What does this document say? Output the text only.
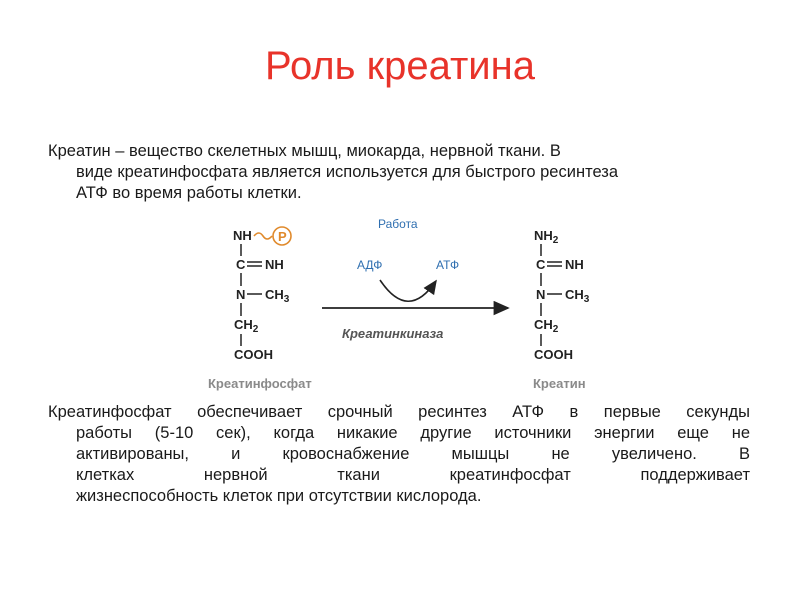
Роль креатина
Креатин – вещество скелетных мышц, миокарда, нервной ткани. В
виде креатинфосфата является используется для быстрого ресинтеза
АТФ во время работы клетки.
NH P
C NH
N $CH_3$
$CH_2$
COOH
Креатинфосфат
Работа
АДФ	АТФ
Креатинкиназа
$NH_2$
C NH
N $CH_3$
$CH_2$
COOH
Креатин
Креатинфосфат обеспечивает срочный ресинтез АТФ в первые секунды
работы (5-10 сек), когда никакие другие источники энергии еще не
активированы, и кровоснабжение мышцы не увеличено. В
клетках нервной ткани креатинфосфат поддерживает
жизнеспособность клеток при отсутствии кислорода.
